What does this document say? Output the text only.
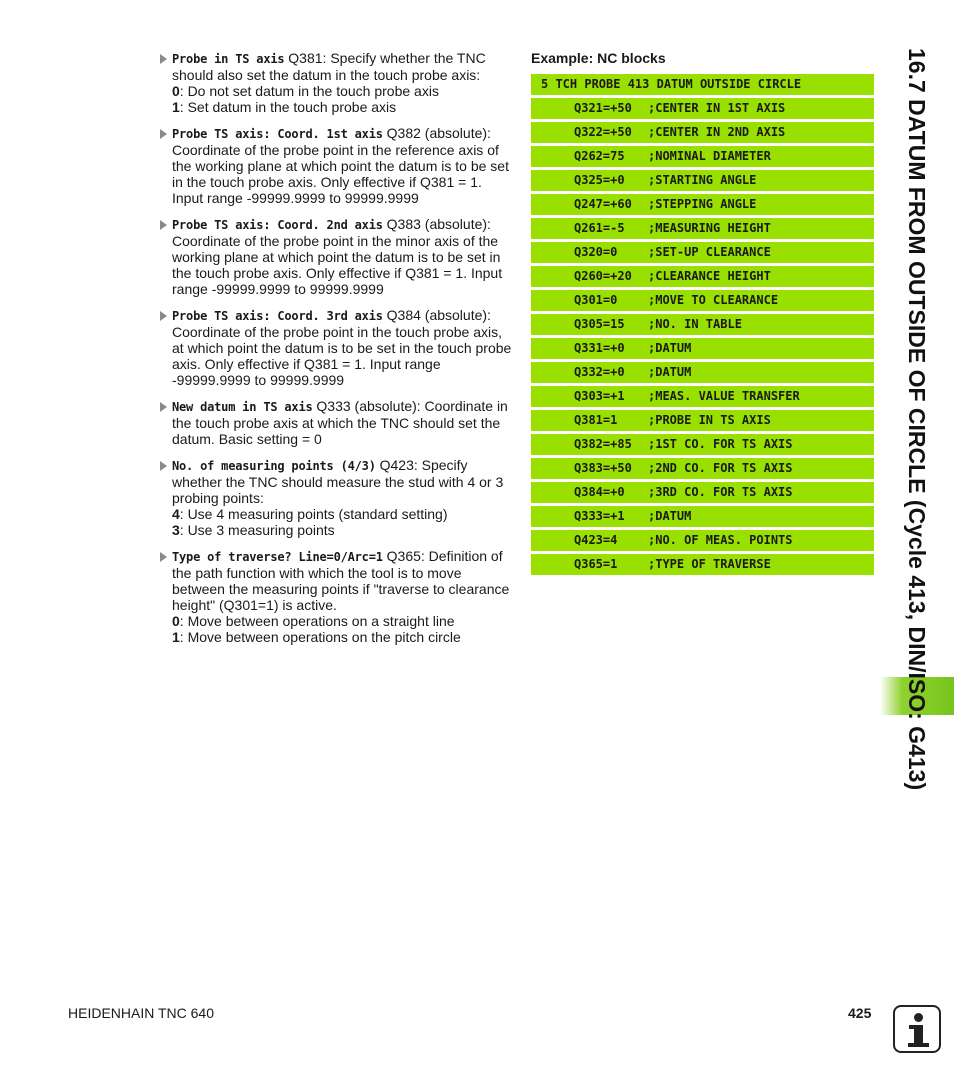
Probe in TS axis Q381: Specify whether the TNC should also set the datum in the touch probe axis:
0: Do not set datum in the touch probe axis
1: Set datum in the touch probe axis
Probe TS axis: Coord. 1st axis Q382 (absolute): Coordinate of the probe point in the reference axis of the working plane at which point the datum is to be set in the touch probe axis. Only effective if Q381 = 1. Input range -99999.9999 to 99999.9999
Probe TS axis: Coord. 2nd axis Q383 (absolute): Coordinate of the probe point in the minor axis of the working plane at which point the datum is to be set in the touch probe axis. Only effective if Q381 = 1. Input range -99999.9999 to 99999.9999
Probe TS axis: Coord. 3rd axis Q384 (absolute): Coordinate of the probe point in the touch probe axis, at which point the datum is to be set in the touch probe axis. Only effective if Q381 = 1. Input range -99999.9999 to 99999.9999
New datum in TS axis Q333 (absolute): Coordinate in the touch probe axis at which the TNC should set the datum. Basic setting = 0
No. of measuring points (4/3) Q423: Specify whether the TNC should measure the stud with 4 or 3 probing points:
4: Use 4 measuring points (standard setting)
3: Use 3 measuring points
Type of traverse? Line=0/Arc=1 Q365: Definition of the path function with which the tool is to move between the measuring points if "traverse to clearance height" (Q301=1) is active.
0: Move between operations on a straight line
1: Move between operations on the pitch circle
Example: NC blocks
5 TCH PROBE 413 DATUM OUTSIDE CIRCLE
Q321=+50 ;CENTER IN 1ST AXIS
Q322=+50 ;CENTER IN 2ND AXIS
Q262=75 ;NOMINAL DIAMETER
Q325=+0 ;STARTING ANGLE
Q247=+60 ;STEPPING ANGLE
Q261=-5 ;MEASURING HEIGHT
Q320=0	;SET-UP CLEARANCE
Q260=+20 ;CLEARANCE HEIGHT
Q301=0	;MOVE TO CLEARANCE
Q305=15 ;NO. IN TABLE
Q331=+0 ;DATUM
Q332=+0 ;DATUM
Q303=+1 ;MEAS. VALUE TRANSFER
Q381=1	;PROBE IN TS AXIS
Q382=+85 ;1ST CO. FOR TS AXIS
Q383=+50 ;2ND CO. FOR TS AXIS
Q384=+0 ;3RD CO. FOR TS AXIS
Q333=+1 ;DATUM
Q423=4	;NO. OF MEAS. POINTS
Q365=1	;TYPE OF TRAVERSE	16.7 DATUM FROM OUTSIDE OF CIRCLE (Cycle 413, DIN/ISO: G413)
HEIDENHAIN TNC 640	425
